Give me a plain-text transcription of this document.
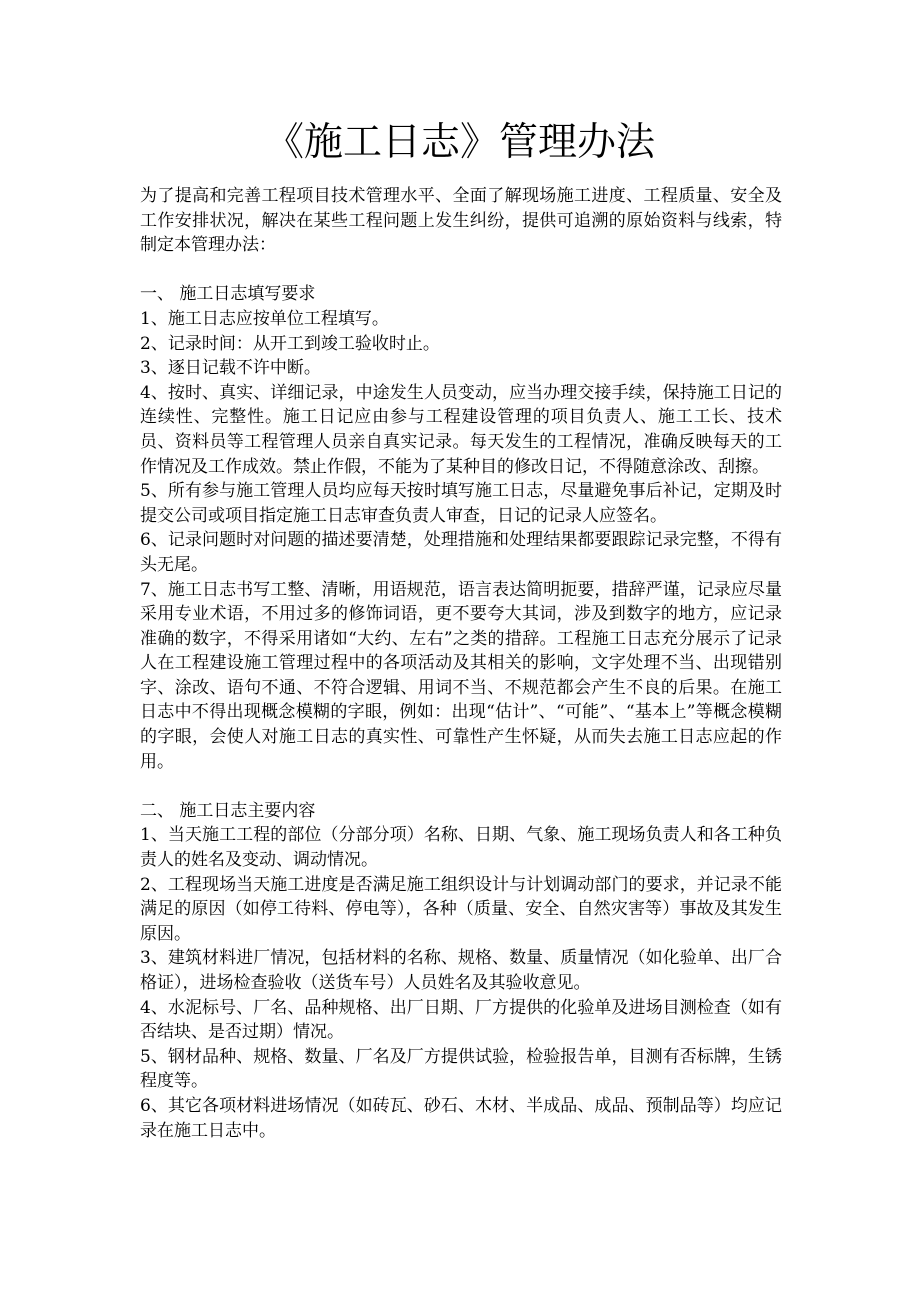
《施工日志》管理办法

为了提高和完善工程项目技术管理水平、全面了解现场施工进度、工程质量、安全及工作安排状况，解决在某些工程问题上发生纠纷，提供可追溯的原始资料与线索，特制定本管理办法：

一、 施工日志填写要求

1、施工日志应按单位工程填写。

2、记录时间：从开工到竣工验收时止。

3、逐日记载不许中断。

4、按时、真实、详细记录，中途发生人员变动，应当办理交接手续，保持施工日记的连续性、完整性。施工日记应由参与工程建设管理的项目负责人、施工工长、技术员、资料员等工程管理人员亲自真实记录。每天发生的工程情况，准确反映每天的工作情况及工作成效。禁止作假，不能为了某种目的修改日记，不得随意涂改、刮擦。

5、所有参与施工管理人员均应每天按时填写施工日志，尽量避免事后补记，定期及时提交公司或项目指定施工日志审查负责人审查，日记的记录人应签名。

6、记录问题时对问题的描述要清楚，处理措施和处理结果都要跟踪记录完整，不得有头无尾。

7、施工日志书写工整、清晰，用语规范，语言表达简明扼要，措辞严谨，记录应尽量采用专业术语，不用过多的修饰词语，更不要夸大其词，涉及到数字的地方，应记录准确的数字，不得采用诸如“大约、左右”之类的措辞。工程施工日志充分展示了记录人在工程建设施工管理过程中的各项活动及其相关的影响，文字处理不当、出现错别字、涂改、语句不通、不符合逻辑、用词不当、不规范都会产生不良的后果。在施工日志中不得出现概念模糊的字眼，例如：出现“估计”、“可能”、“基本上”等概念模糊的字眼，会使人对施工日志的真实性、可靠性产生怀疑，从而失去施工日志应起的作用。

二、 施工日志主要内容

1、当天施工工程的部位（分部分项）名称、日期、气象、施工现场负责人和各工种负责人的姓名及变动、调动情况。

2、工程现场当天施工进度是否满足施工组织设计与计划调动部门的要求，并记录不能满足的原因（如停工待料、停电等），各种（质量、安全、自然灾害等）事故及其发生原因。

3、建筑材料进厂情况，包括材料的名称、规格、数量、质量情况（如化验单、出厂合格证），进场检查验收（送货车号）人员姓名及其验收意见。

4、水泥标号、厂名、品种规格、出厂日期、厂方提供的化验单及进场目测检查（如有否结块、是否过期）情况。

5、钢材品种、规格、数量、厂名及厂方提供试验，检验报告单，目测有否标牌，生锈程度等。

6、其它各项材料进场情况（如砖瓦、砂石、木材、半成品、成品、预制品等）均应记录在施工日志中。
